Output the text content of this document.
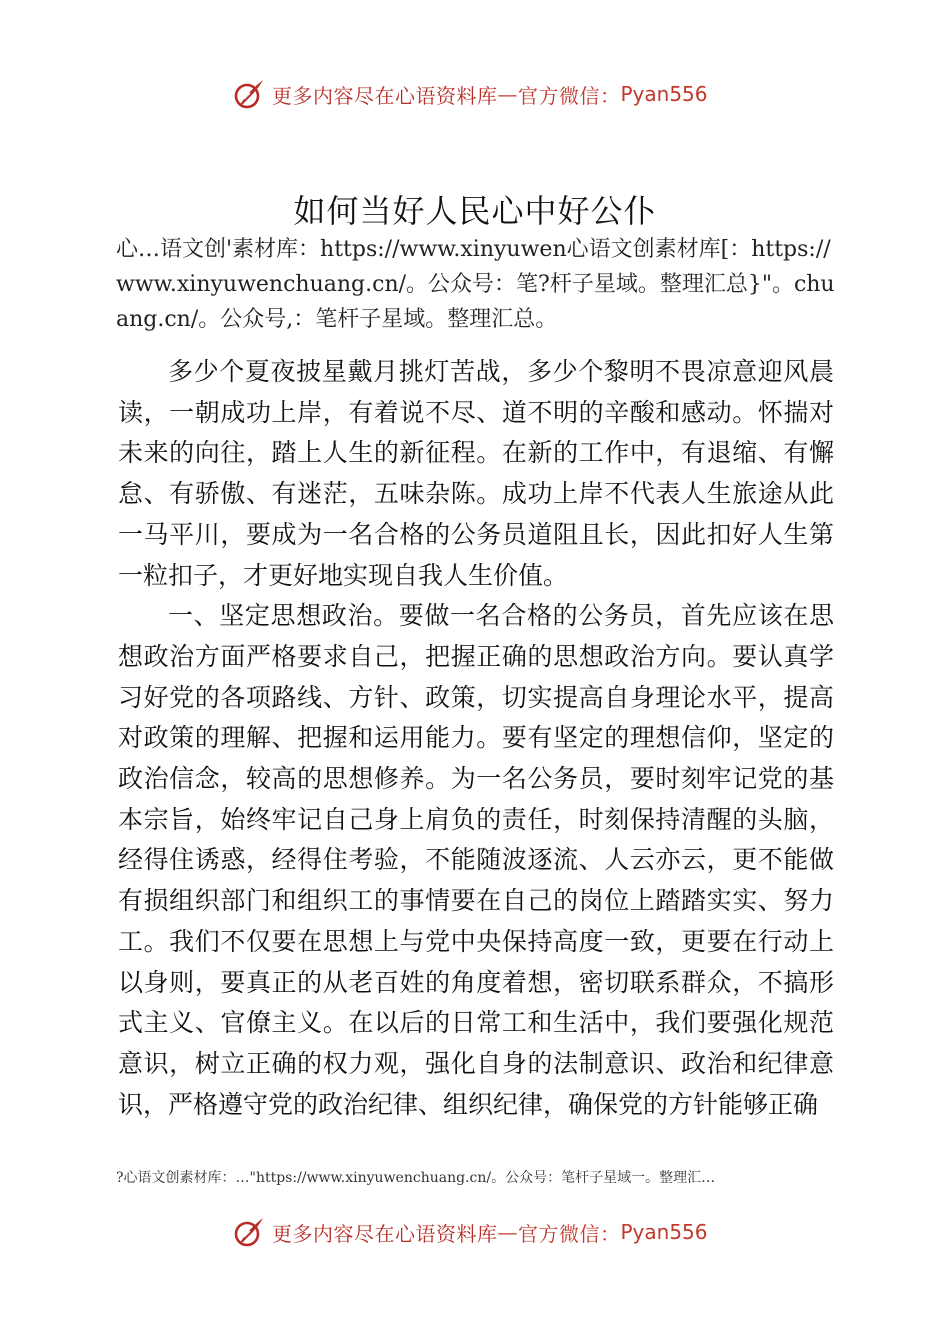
更多内容尽在心语资料库 — 官方微信： Pyan556
如何当好人民心中好公仆
心…语文创'素材库：https://www.xinyuwen心语文创素材库[：https://www.xinyuwenchuang.cn/。公众号：笔?杆子星域。整理汇总}"。chuang.cn/。公众号,：笔杆子星域。整理汇总。

多少个夏夜披星戴月挑灯苦战，多少个黎明不畏凉意迎风晨读，一朝成功上岸，有着说不尽、道不明的辛酸和感动。怀揣对未来的向往，踏上人生的新征程。在新的工作中，有退缩、有懈怠、有骄傲、有迷茫，五味杂陈。成功上岸不代表人生旅途从此一马平川，要成为一名合格的公务员道阻且长，因此扣好人生第一粒扣子，才更好地实现自我人生价值。

一、坚定思想政治。要做一名合格的公务员，首先应该在思想政治方面严格要求自己，把握正确的思想政治方向。要认真学习好党的各项路线、方针、政策，切实提高自身理论水平，提高对政策的理解、把握和运用能力。要有坚定的理想信仰，坚定的政治信念，较高的思想修养。为一名公务员，要时刻牢记党的基本宗旨，始终牢记自己身上肩负的责任，时刻保持清醒的头脑，经得住诱惑，经得住考验，不能随波逐流、人云亦云，更不能做有损组织部门和组织工的事情要在自己的岗位上踏踏实实、努力工。我们不仅要在思想上与党中央保持高度一致，更要在行动上以身则，要真正的从老百姓的角度着想，密切联系群众，不搞形式主义、官僚主义。在以后的日常工和生活中，我们要强化规范意识，树立正确的权力观，强化自身的法制意识、政治和纪律意识，严格遵守党的政治纪律、组织纪律，确保党的方针能够正确

?心语文创素材库：…"https://www.xinyuwenchuang.cn/。公众号：笔杆子星域一。整理汇…
更多内容尽在心语资料库 — 官方微信： Pyan556
